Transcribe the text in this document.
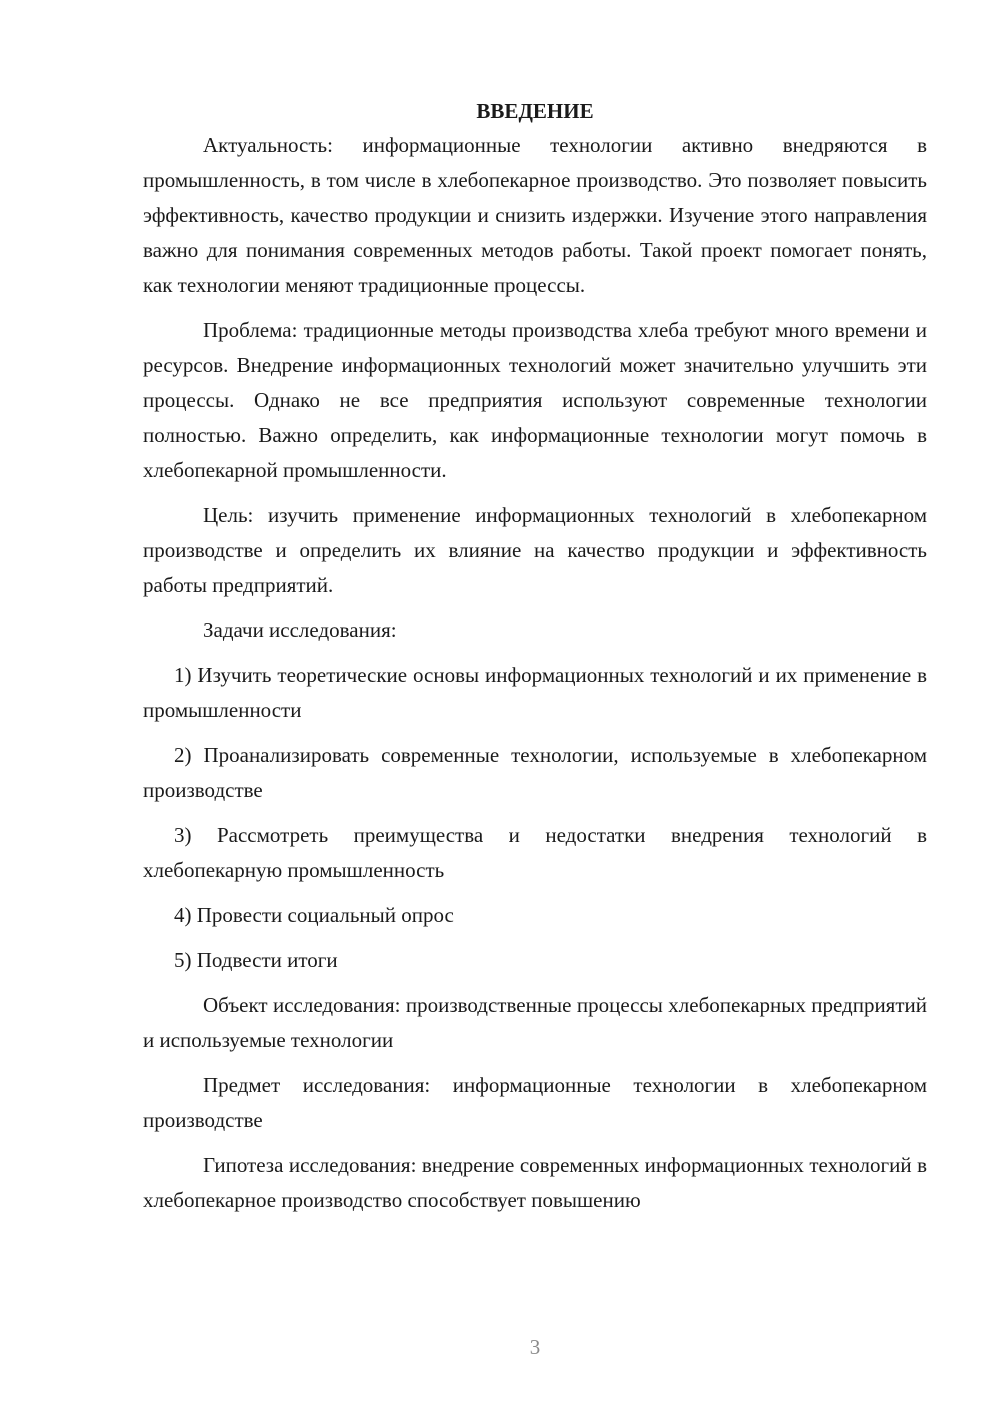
ВВЕДЕНИЕ

Актуальность: информационные технологии активно внедряются в промышленность, в том числе в хлебопекарное производство. Это позволяет повысить эффективность, качество продукции и снизить издержки. Изучение этого направления важно для понимания современных методов работы. Такой проект помогает понять, как технологии меняют традиционные процессы.

Проблема: традиционные методы производства хлеба требуют много времени и ресурсов. Внедрение информационных технологий может значительно улучшить эти процессы. Однако не все предприятия используют современные технологии полностью. Важно определить, как информационные технологии могут помочь в хлебопекарной промышленности.

Цель: изучить применение информационных технологий в хлебопекарном производстве и определить их влияние на качество продукции и эффективность работы предприятий.

Задачи исследования:

1) Изучить теоретические основы информационных технологий и их применение в промышленности

2) Проанализировать современные технологии, используемые в хлебопекарном производстве

3) Рассмотреть преимущества и недостатки внедрения технологий в хлебопекарную промышленность

4) Провести социальный опрос

5) Подвести итоги

Объект исследования: производственные процессы хлебопекарных предприятий и используемые технологии

Предмет исследования: информационные технологии в хлебопекарном производстве

Гипотеза исследования: внедрение современных информационных технологий в хлебопекарное производство способствует повышению

3
